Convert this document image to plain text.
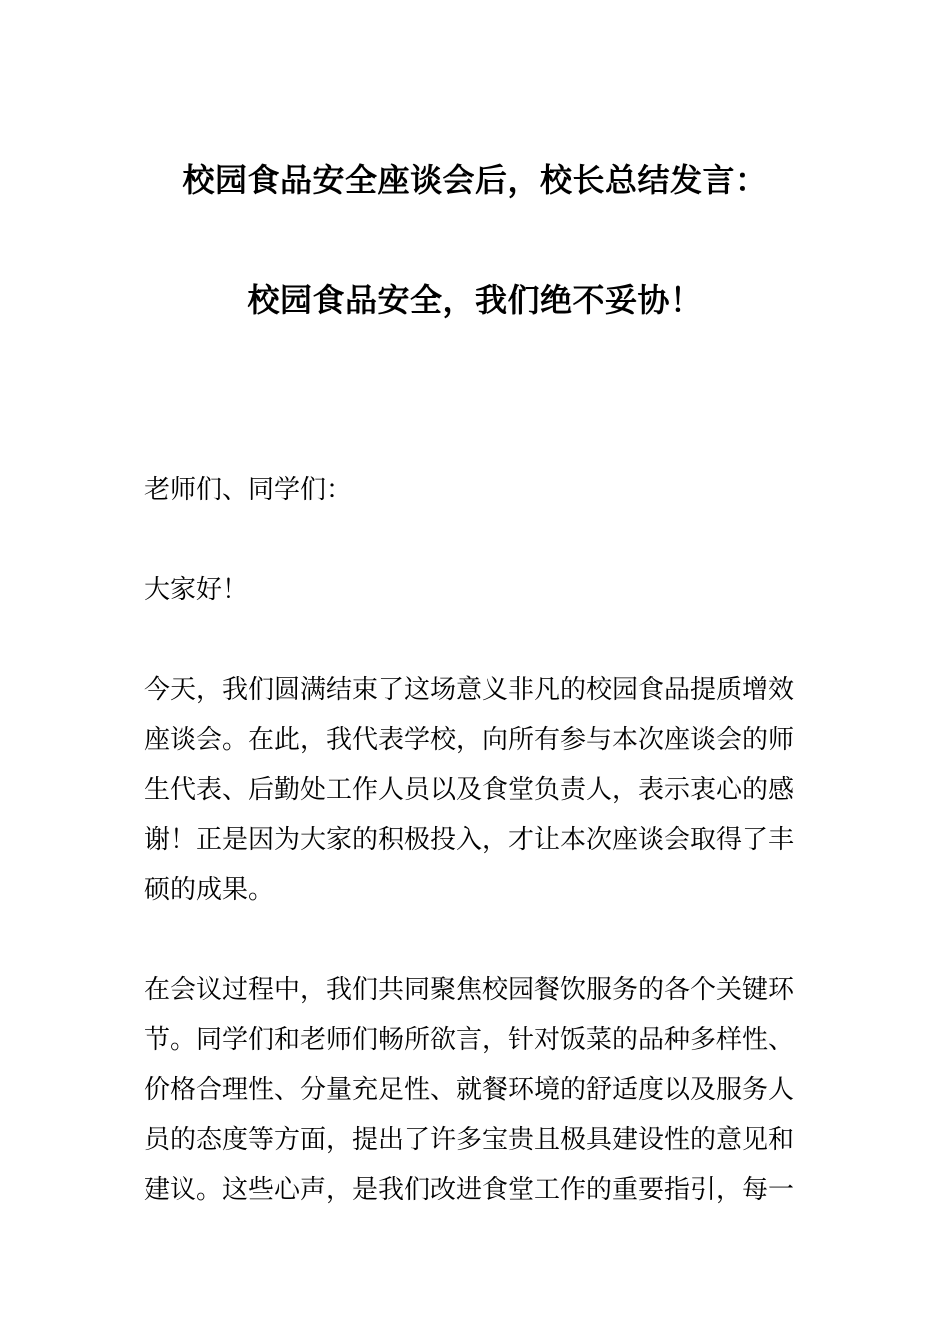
校园食品安全座谈会后，校长总结发言：
校园食品安全，我们绝不妥协！
老师们、同学们：
大家好！

今天，我们圆满结束了这场意义非凡的校园食品提质增效座谈会。在此，我代表学校，向所有参与本次座谈会的师生代表、后勤处工作人员以及食堂负责人，表示衷心的感谢！正是因为大家的积极投入，才让本次座谈会取得了丰硕的成果。

在会议过程中，我们共同聚焦校园餐饮服务的各个关键环节。同学们和老师们畅所欲言，针对饭菜的品种多样性、价格合理性、分量充足性、就餐环境的舒适度以及服务人员的态度等方面，提出了许多宝贵且极具建设性的意见和建议。这些心声，是我们改进食堂工作的重要指引，每一
